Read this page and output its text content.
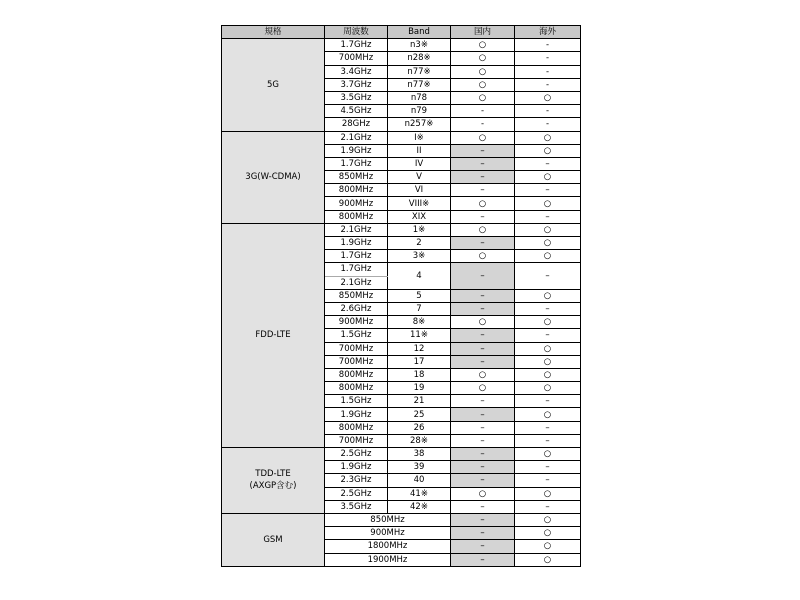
規格	周波数	Band	国内	海外
5G	1.7GHz	n3※	○	-
	700MHz	n28※	○	-
	3.4GHz	n77※	○	-
	3.7GHz	n77※	○	-
	3.5GHz	n78	○	○
	4.5GHz	n79	-	-
	28GHz	n257※	-	-
3G(W-CDMA)	2.1GHz	I※	○	○
	1.9GHz	II	–	○
	1.7GHz	IV	–	–
	850MHz	V	–	○
	800MHz	VI	–	–
	900MHz	VIII※	○	○
	800MHz	XIX	–	–
FDD-LTE	2.1GHz	1※	○	○
	1.9GHz	2	–	○
	1.7GHz	3※	○	○
	1.7GHz	4	–	–
	2.1GHz			
	850MHz	5	–	○
	2.6GHz	7	–	–
	900MHz	8※	○	○
	1.5GHz	11※	–	–
	700MHz	12	–	○
	700MHz	17	–	○
	800MHz	18	○	○
	800MHz	19	○	○
	1.5GHz	21	–	–
	1.9GHz	25	–	○
	800MHz	26	–	–
	700MHz	28※	–	–
TDD-LTE
(AXGP含む)	2.5GHz	38	–	○
	1.9GHz	39	–	–
	2.3GHz	40	–	–
	2.5GHz	41※	○	○
	3.5GHz	42※	–	–
GSM	850MHz		–	○
	900MHz		–	○
	1800MHz		–	○
	1900MHz		–	○
